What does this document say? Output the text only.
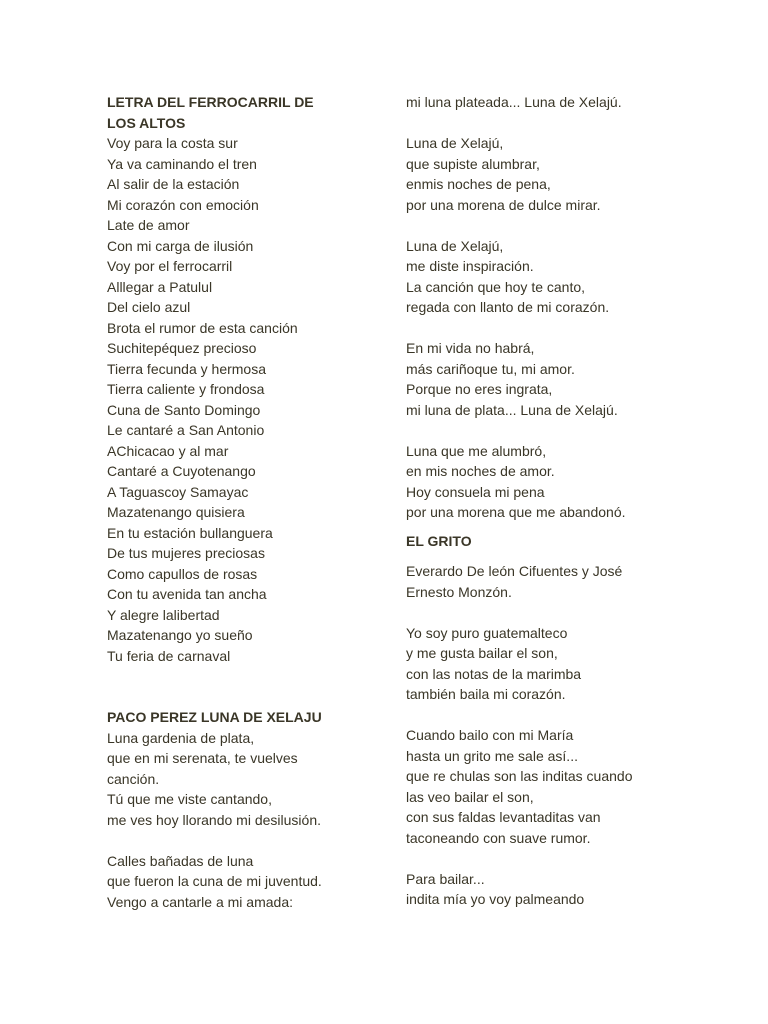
LETRA DEL FERROCARRIL DE

LOS ALTOS

Voy para la costa sur

Ya va caminando el tren

Al salir de la estación

Mi corazón con emoción

Late de amor

Con mi carga de ilusión

Voy por el ferrocarril

Alllegar a Patulul

Del cielo azul

Brota el rumor de esta canción

Suchitepéquez precioso

Tierra fecunda y hermosa

Tierra caliente y frondosa

Cuna de Santo Domingo

Le cantaré a San Antonio

AChicacao y al mar

Cantaré a Cuyotenango

A Taguascoy Samayac

Mazatenango quisiera

En tu estación bullanguera

De tus mujeres preciosas

Como capullos de rosas

Con tu avenida tan ancha

Y alegre lalibertad

Mazatenango yo sueño

Tu feria de carnaval

PACO PEREZ LUNA DE XELAJU

Luna gardenia de plata,

que en mi serenata, te vuelves

canción.

Tú que me viste cantando,

me ves hoy llorando mi desilusión.

Calles bañadas de luna

que fueron la cuna de mi juventud.

Vengo a cantarle a mi amada:

mi luna plateada... Luna de Xelajú.

Luna de Xelajú,

que supiste alumbrar,

enmis noches de pena,

por una morena de dulce mirar.

Luna de Xelajú,

me diste inspiración.

La canción que hoy te canto,

regada con llanto de mi corazón.

En mi vida no habrá,

más cariñoque tu, mi amor.

Porque no eres ingrata,

mi luna de plata... Luna de Xelajú.

Luna que me alumbró,

en mis noches de amor.

Hoy consuela mi pena

por una morena que me abandonó.

EL GRITO

Everardo De león Cifuentes y José

Ernesto Monzón.

Yo soy puro guatemalteco

y me gusta bailar el son,

con las notas de la marimba

también baila mi corazón.

Cuando bailo con mi María

hasta un grito me sale así...

que re chulas son las inditas cuando

las veo bailar el son,

con sus faldas levantaditas van

taconeando con suave rumor.

Para bailar...

indita mía yo voy palmeando
